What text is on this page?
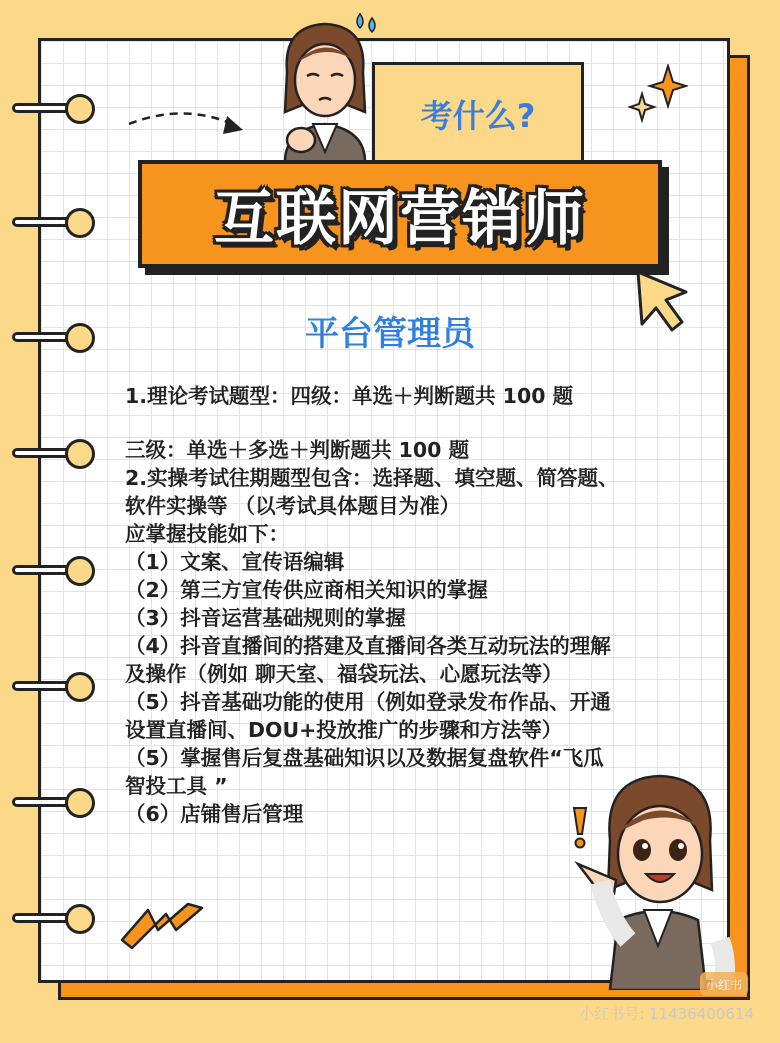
考什么?
互联网营销师
平台管理员
1.理论考试题型：四级：单选＋判断题共 100 题
三级：单选＋多选＋判断题共 100 题
2.实操考试往期题型包含：选择题、填空题、简答题、
软件实操等 （以考试具体题目为准）
应掌握技能如下：
（1）文案、宣传语编辑
（2）第三方宣传供应商相关知识的掌握
（3）抖音运营基础规则的掌握
（4）抖音直播间的搭建及直播间各类互动玩法的理解
及操作（例如 聊天室、福袋玩法、心愿玩法等）
（5）抖音基础功能的使用（例如登录发布作品、开通
设置直播间、DOU+投放推广的步骤和方法等）
（5）掌握售后复盘基础知识以及数据复盘软件“飞瓜
智投工具 ”
（6）店铺售后管理
小红书
小红书号: 11436400614
